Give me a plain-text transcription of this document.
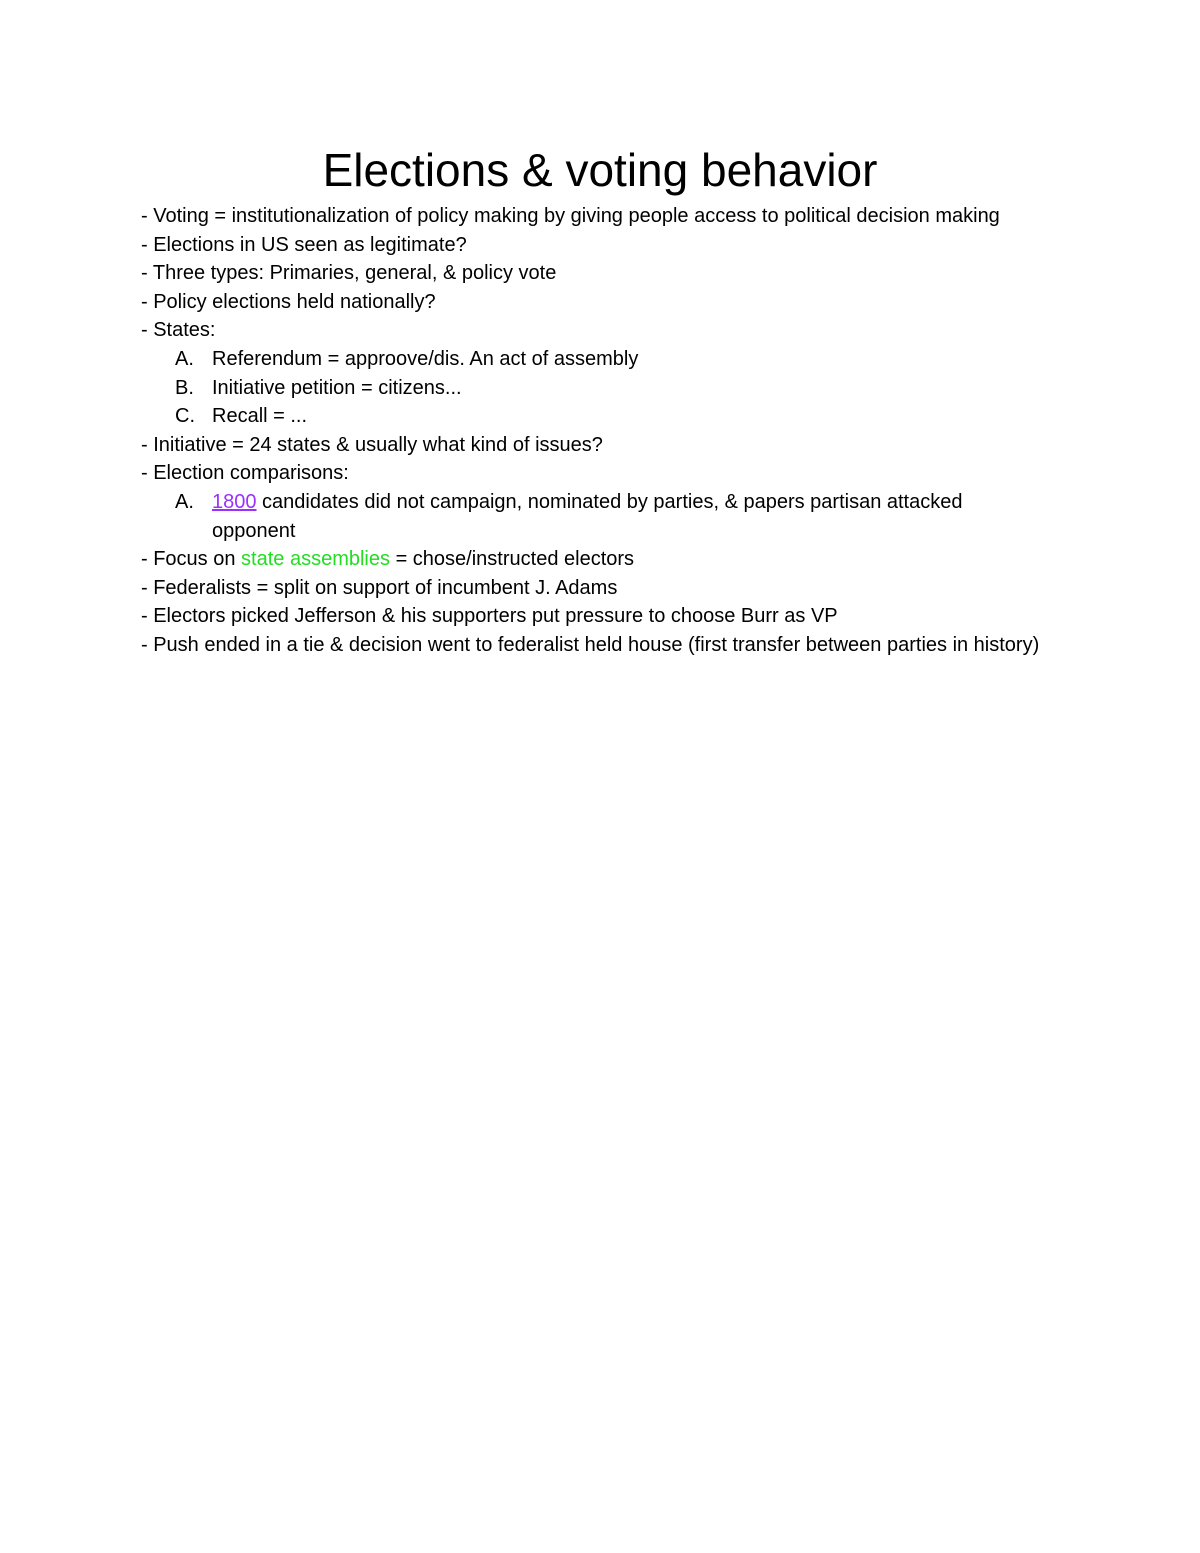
Elections & voting behavior

- Voting = institutionalization of policy making by giving people access to political decision making

- Elections in US seen as legitimate?

- Three types: Primaries, general, & policy vote

- Policy elections held nationally?

- States:

A. Referendum = approove/dis. An act of assembly
B. Initiative petition = citizens...
C. Recall = ...

- Initiative = 24 states & usually what kind of issues?

- Election comparisons:

A. 1800 candidates did not campaign, nominated by parties, & papers partisan attacked opponent

- Focus on state assemblies = chose/instructed electors

- Federalists = split on support of incumbent J. Adams

- Electors picked Jefferson & his supporters put pressure to choose Burr as VP

- Push ended in a tie & decision went to federalist held house (first transfer between parties in history)
